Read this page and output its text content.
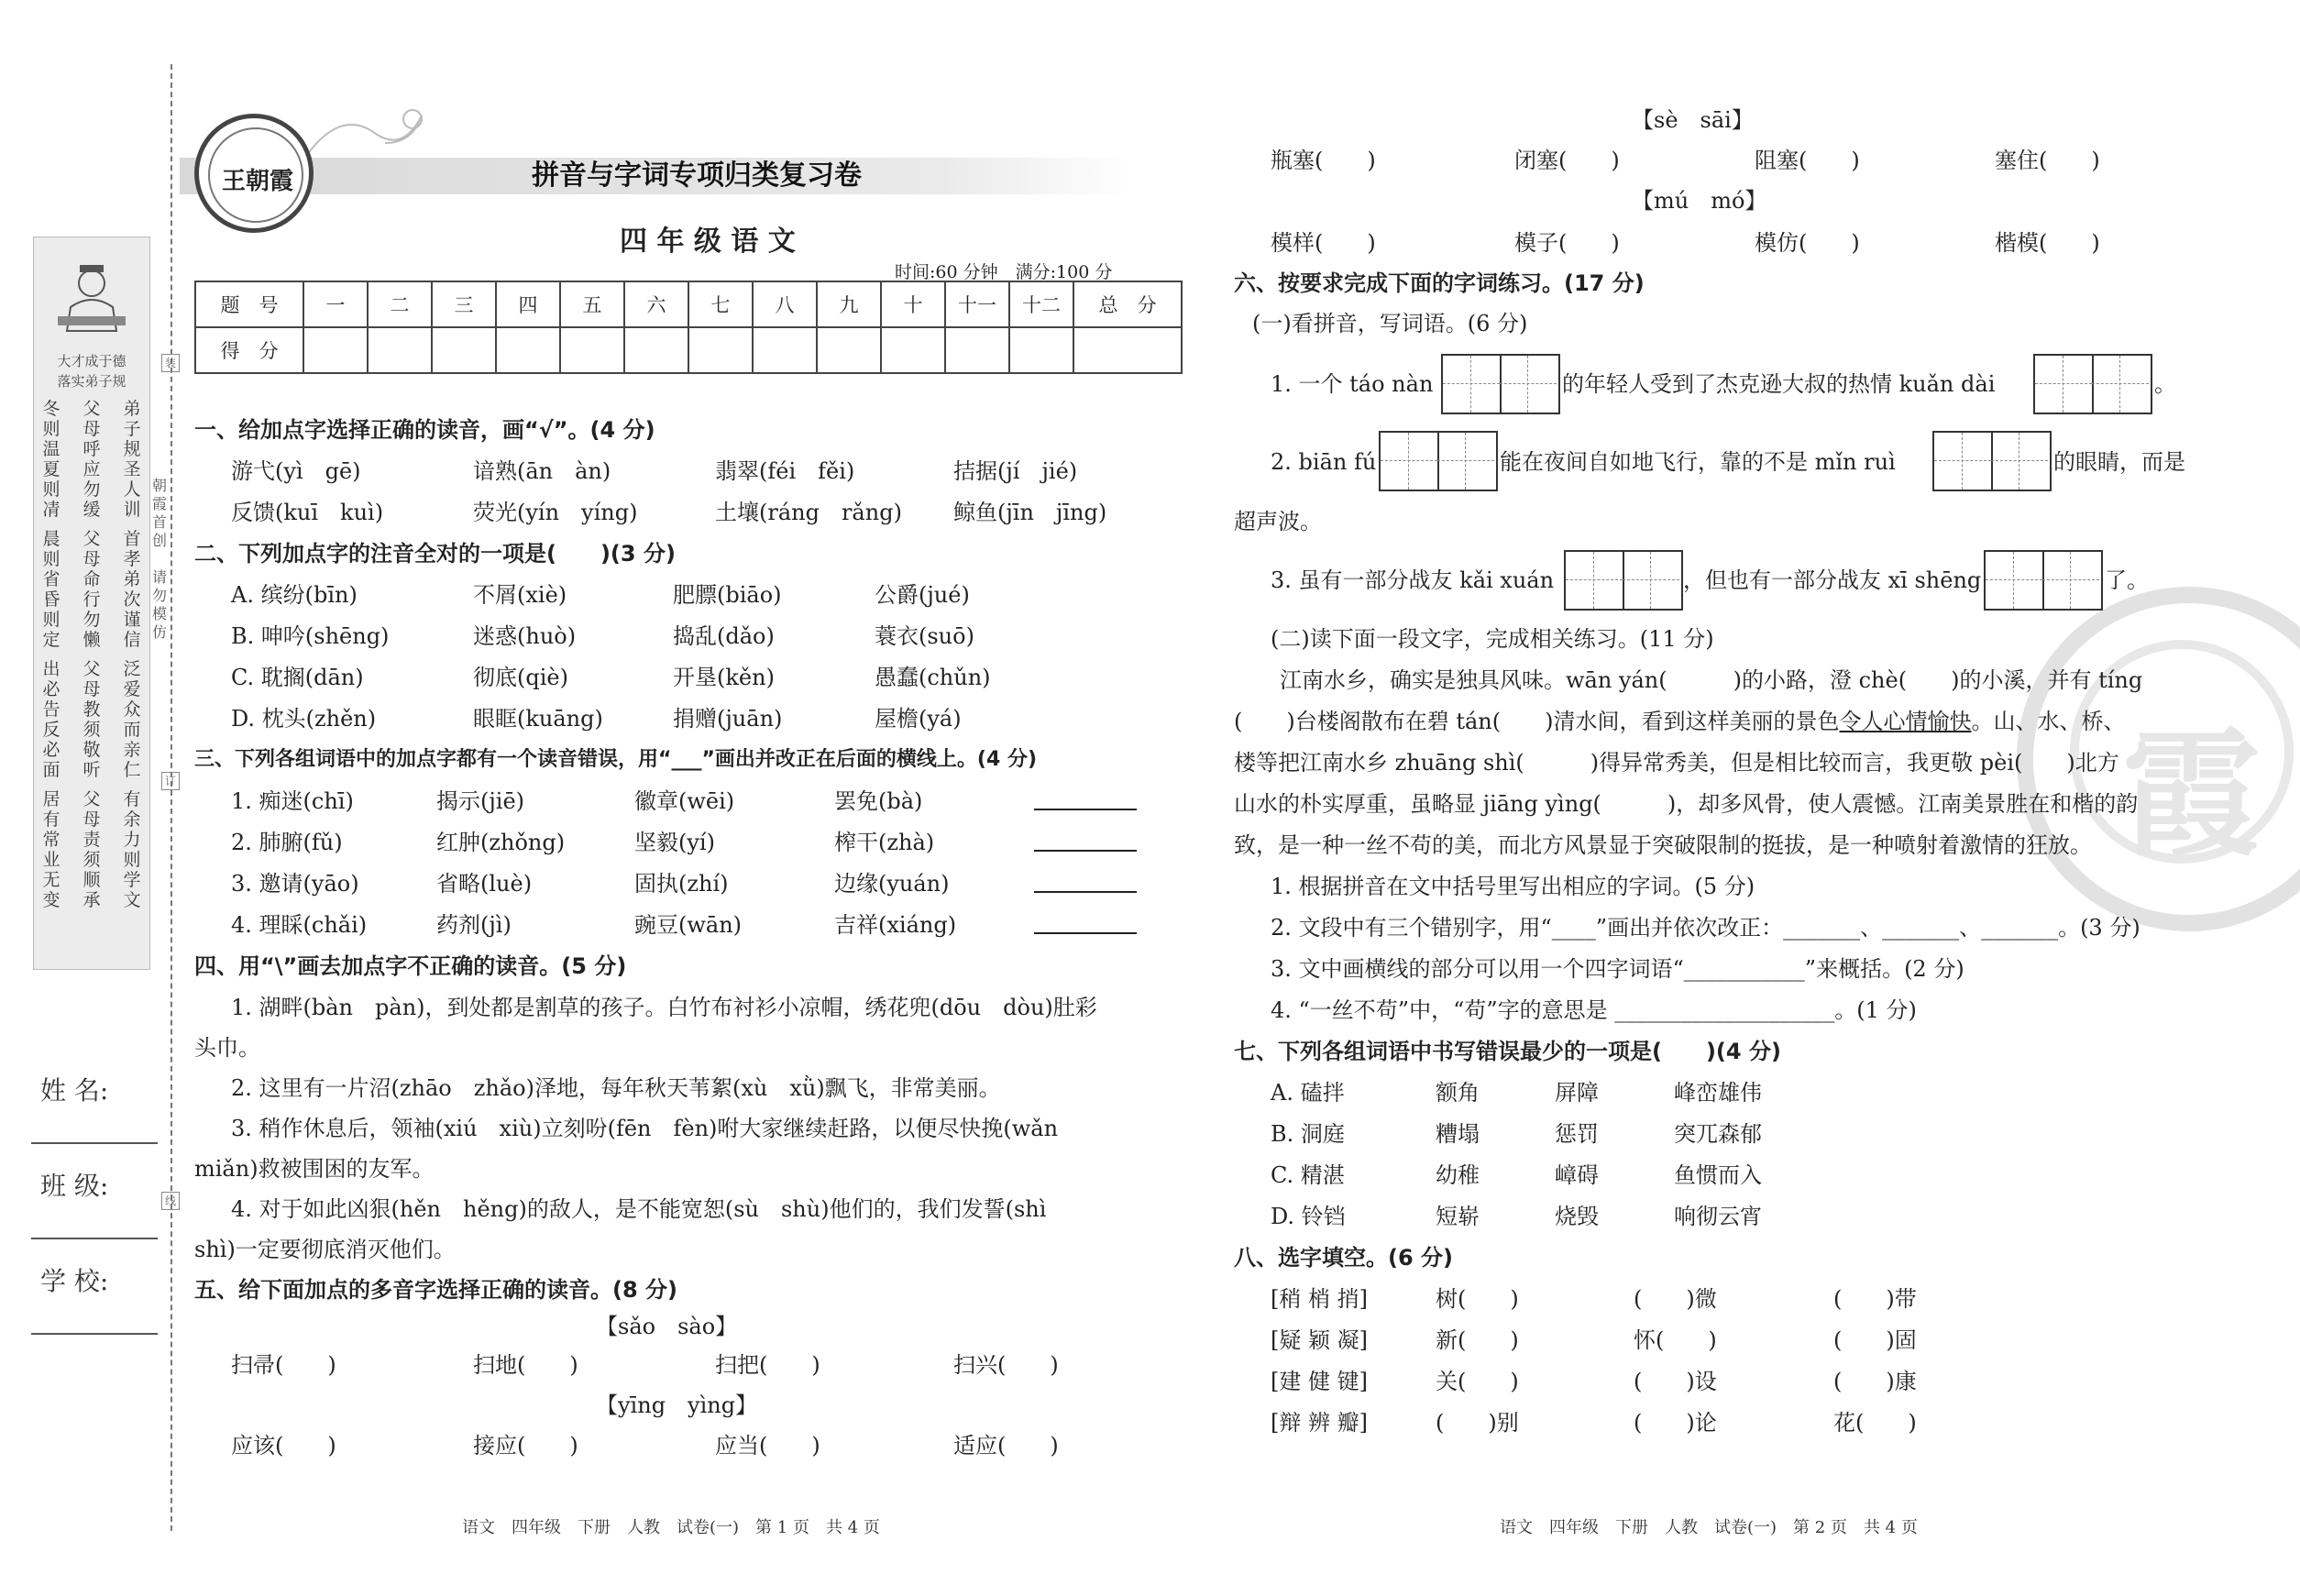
霞
大才成于德
落实弟子规
弟子规圣人训
首孝弟次谨信
泛爱众而亲仁
有余力则学文
父母呼应勿缓
父母命行勿懒
父母教须敬听
父母责须顺承
冬则温夏则凊
晨则省昏则定
出必告反必面
居有常业无变
朝霞首创
请勿模仿
装
订
线
姓 名:
班 级:
学 校:
王朝霞	拼音与字词专项归类复习卷
四 年 级 语 文
时间:60 分钟　满分:100 分
题　号	一	二	三	四	五	六	七	八	九	十	十一	十二	总　分
得　分													
一、给加点字选择正确的读音，画“√”。(4 分)
游弋(yì　gē)	谙熟(ān　àn)	翡翠(féi　fěi)	拮据(jí　jié)
反馈(kuī　kuì)	荧光(yín　yíng)	土壤(ráng　rǎng) 鲸鱼(jīn　jīng)
二、下列加点字的注音全对的一项是(　　)(3 分)
A. 缤纷(bīn)	不屑(xiè)	肥膘(biāo)	公爵(jué)
B. 呻吟(shēng)	迷惑(huò)	捣乱(dǎo)	蓑衣(suō)
C. 耽搁(dān)	彻底(qiè)	开垦(kěn)	愚蠢(chǔn)
D. 枕头(zhěn)	眼眶(kuāng)	捐赠(juān)	屋檐(yá)
三、下列各组词语中的加点字都有一个读音错误，用“___”画出并改正在后面的横线上。(4 分)
1. 痴迷(chī)	揭示(jiē)	徽章(wēi)	罢免(bà)
2. 肺腑(fǔ)	红肿(zhǒng)	坚毅(yí)	榨干(zhà)
3. 邀请(yāo)	省略(luè)	固执(zhí)	边缘(yuán)
4. 理睬(chǎi)	药剂(jì)	豌豆(wān)	吉祥(xiáng)
四、用“\”画去加点字不正确的读音。(5 分)
1. 湖畔(bàn　pàn)，到处都是割草的孩子。白竹布衬衫小凉帽，绣花兜(dōu　dòu)肚彩
头巾。
2. 这里有一片沼(zhāo　zhǎo)泽地，每年秋天苇絮(xù　xǜ)飘飞，非常美丽。
3. 稍作休息后，领袖(xiú　xiù)立刻吩(fēn　fèn)咐大家继续赶路，以便尽快挽(wǎn
miǎn)救被围困的友军。
4. 对于如此凶狠(hěn　hěng)的敌人，是不能宽恕(sù　shù)他们的，我们发誓(shì
shì)一定要彻底消灭他们。
五、给下面加点的多音字选择正确的读音。(8 分)
【sǎo　sào】
扫帚(　　)	扫地(　　)	扫把(　　)	扫兴(　　)
【yīng　yìng】
应该(　　)	接应(　　)	应当(　　)	适应(　　)
语文　四年级　下册　人教　试卷(一)　第 1 页　共 4 页
【sè　sāi】
瓶塞(　　)	闭塞(　　)	阻塞(　　)	塞住(　　)
【mú　mó】
模样(　　)	模子(　　)	模仿(　　)	楷模(　　)
六、按要求完成下面的字词练习。(17 分)
(一)看拼音，写词语。(6 分)
1. 一个 táo nàn	的年轻人受到了杰克逊大叔的热情 kuǎn dài	。
2. biān fú	能在夜间自如地飞行，靠的不是 mǐn ruì	的眼睛，而是
超声波。
3. 虽有一部分战友 kǎi xuán	，但也有一部分战友 xī shēng	了。
(二)读下面一段文字，完成相关练习。(11 分)
江南水乡，确实是独具风味。wān yán(　　　)的小路，澄 chè(　　)的小溪，并有 tíng
(　　)台楼阁散布在碧 tán(　　)清水间，看到这样美丽的景色令人心情愉快。山、水、桥、
楼等把江南水乡 zhuāng shì(　　　)得异常秀美，但是相比较而言，我更敬 pèi(　　)北方
山水的朴实厚重，虽略显 jiāng yìng(　　　)，却多风骨，使人震憾。江南美景胜在和楷的韵
致，是一种一丝不苟的美，而北方风景显于突破限制的挺拔，是一种喷射着激情的狂放。
1. 根据拼音在文中括号里写出相应的字词。(5 分)
2. 文段中有三个错别字，用“____”画出并依次改正：_______、_______、_______。(3 分)
3. 文中画横线的部分可以用一个四字词语“___________”来概括。(2 分)
4. “一丝不苟”中，“苟”字的意思是 ____________________。(1 分)
七、下列各组词语中书写错误最少的一项是(　　)(4 分)
A. 磕拌	额角	屏障	峰峦雄伟
B. 洞庭	糟塌	惩罚	突兀森郁
C. 精湛	幼稚	嶂碍	鱼惯而入
D. 铃铛	短崭	烧毁	响彻云宵
八、选字填空。(6 分)
[稍 梢 捎]	树(　　)	(　　)微	(　　)带
[疑 颖 凝]	新(　　)	怀(　　)	(　　)固
[建 健 键]	关(　　)	(　　)设	(　　)康
[辩 辨 瓣]	(　　)别	(　　)论	花(　　)
语文　四年级　下册　人教　试卷(一)　第 2 页　共 4 页
